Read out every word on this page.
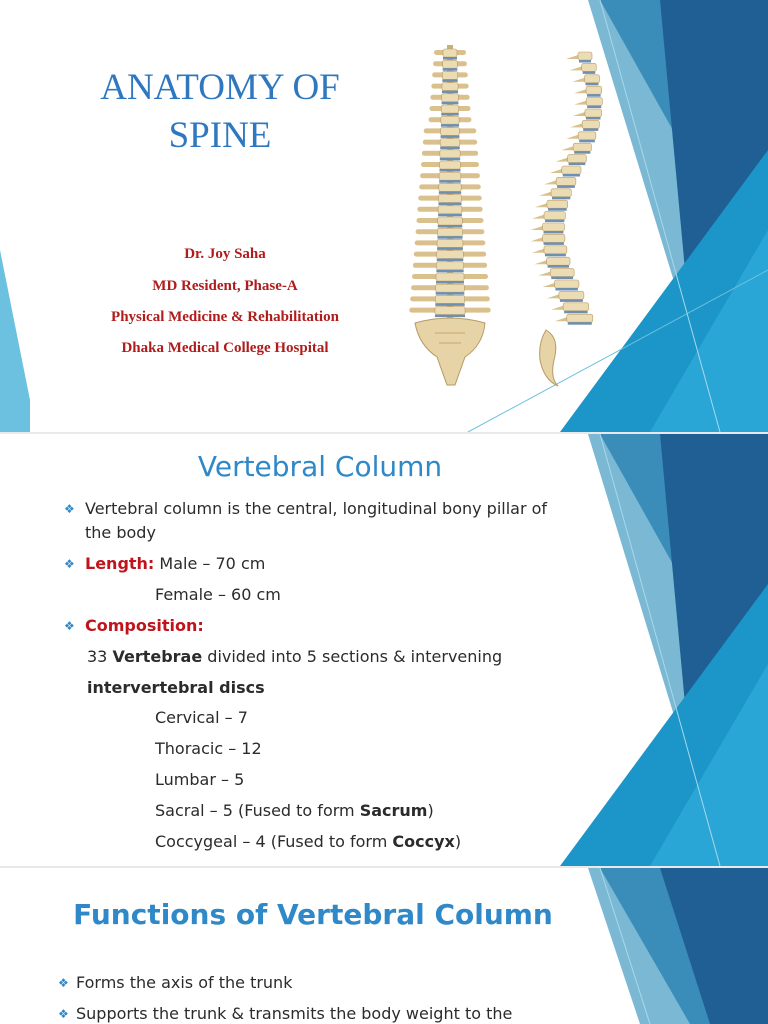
ANATOMY OF
SPINE
Dr. Joy Saha
MD Resident, Phase-A
Physical Medicine & Rehabilitation
Dhaka Medical College Hospital
Vertebral Column
❖ Vertebral column is the central, longitudinal bony pillar of
the body
❖ Length: Male – 70 cm
Female – 60 cm
❖ Composition:
33 Vertebrae divided into 5 sections & intervening
intervertebral discs
Cervical – 7
Thoracic – 12
Lumbar – 5
Sacral – 5 (Fused to form Sacrum)
Coccygeal – 4 (Fused to form Coccyx)
Functions of Vertebral Column
❖ Forms the axis of the trunk
❖ Supports the trunk & transmits the body weight to the
